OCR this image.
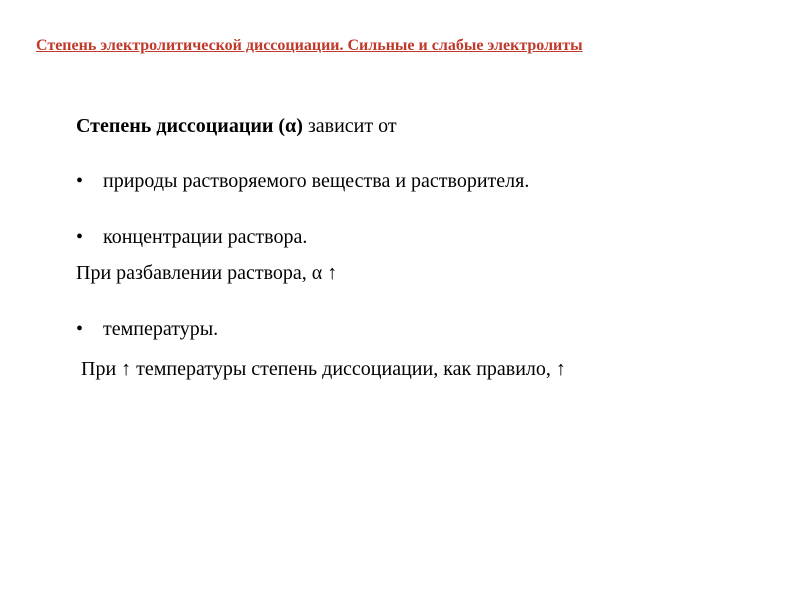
Степень электролитической диссоциации. Сильные и слабые электролиты
Степень диссоциации (α) зависит от
• природы растворяемого вещества и растворителя.
• концентрации раствора.
При разбавлении раствора, α ↑
• температуры.
При ↑ температуры степень диссоциации, как правило, ↑
